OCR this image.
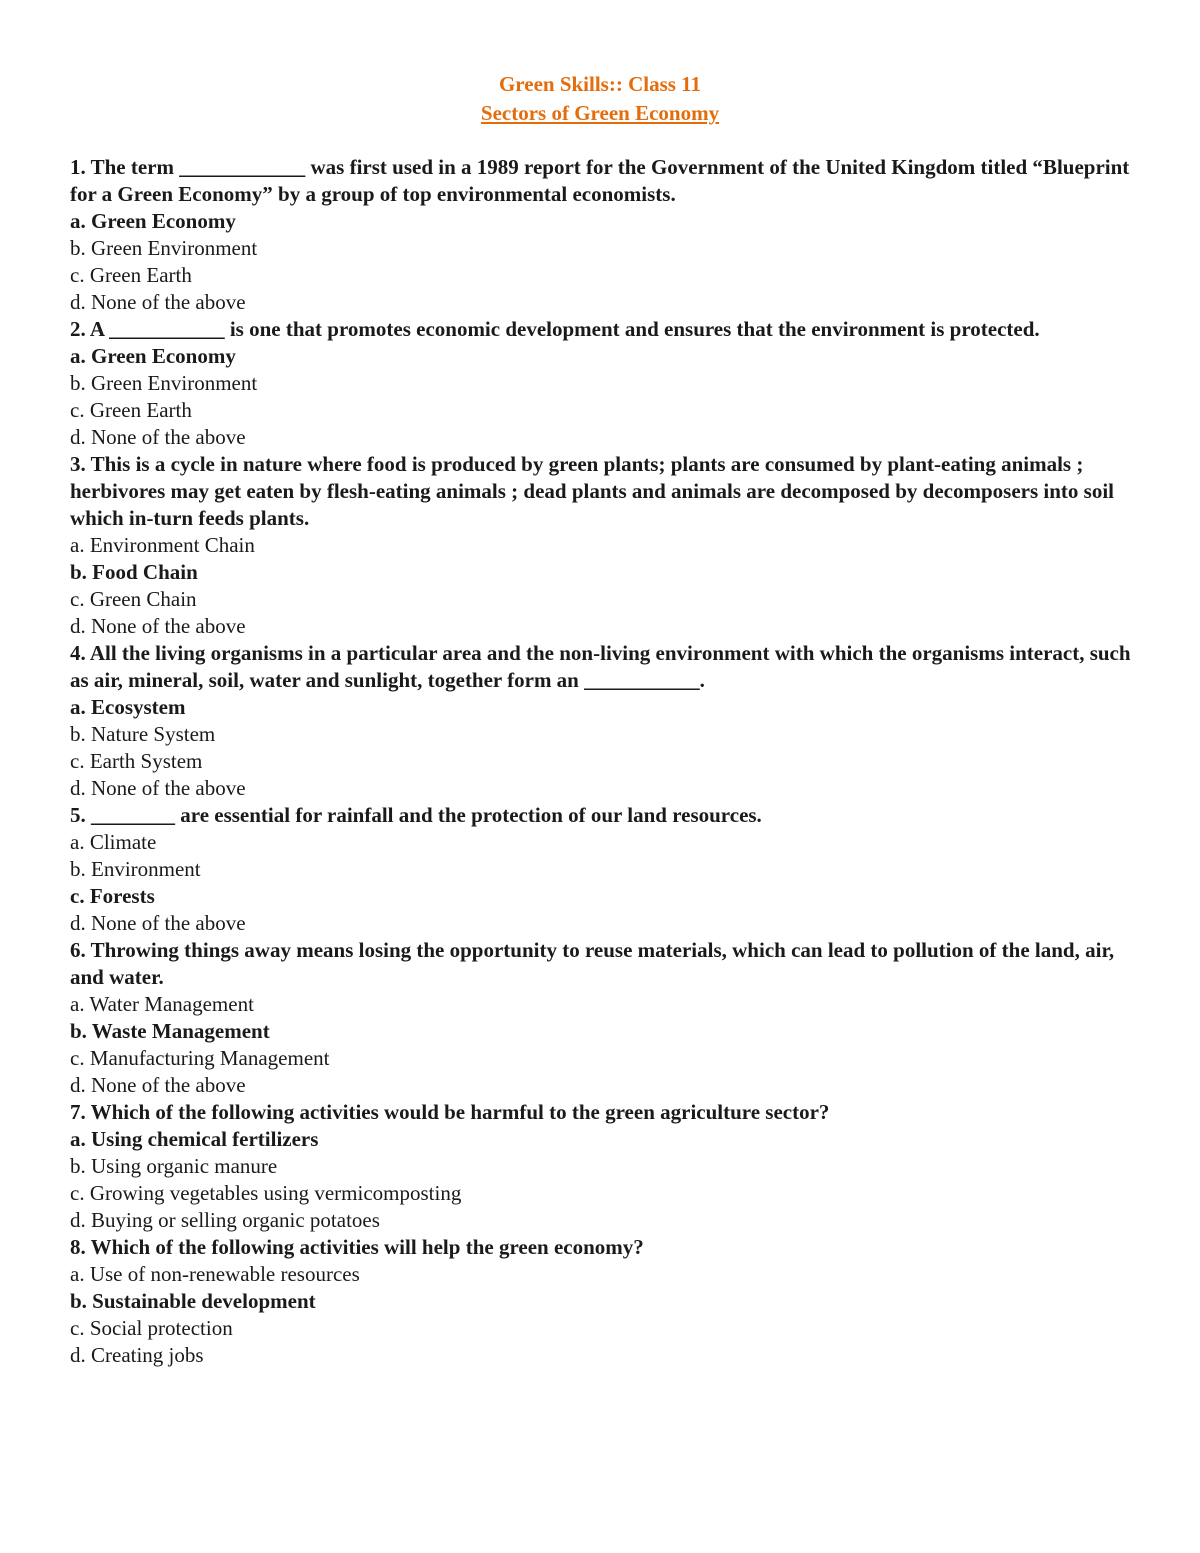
Green Skills:: Class 11
Sectors of Green Economy
1. The term ____________ was first used in a 1989 report for the Government of the United Kingdom titled “Blueprint for a Green Economy” by a group of top environmental economists.
a. Green Economy
b. Green Environment
c. Green Earth
d. None of the above
2. A ___________ is one that promotes economic development and ensures that the environment is protected.
a. Green Economy
b. Green Environment
c. Green Earth
d. None of the above
3. This is a cycle in nature where food is produced by green plants; plants are consumed by plant-eating animals ; herbivores may get eaten by flesh-eating animals ; dead plants and animals are decomposed by decomposers into soil which in-turn feeds plants.
a. Environment Chain
b. Food Chain
c. Green Chain
d. None of the above
4. All the living organisms in a particular area and the non-living environment with which the organisms interact, such as air, mineral, soil, water and sunlight, together form an ___________.
a. Ecosystem
b. Nature System
c. Earth System
d. None of the above
5. ________ are essential for rainfall and the protection of our land resources.
a. Climate
b. Environment
c. Forests
d. None of the above
6. Throwing things away means losing the opportunity to reuse materials, which can lead to pollution of the land, air, and water.
a. Water Management
b. Waste Management
c. Manufacturing Management
d. None of the above
7. Which of the following activities would be harmful to the green agriculture sector?
a. Using chemical fertilizers
b. Using organic manure
c. Growing vegetables using vermicomposting
d. Buying or selling organic potatoes
8. Which of the following activities will help the green economy?
a. Use of non-renewable resources
b. Sustainable development
c. Social protection
d. Creating jobs
